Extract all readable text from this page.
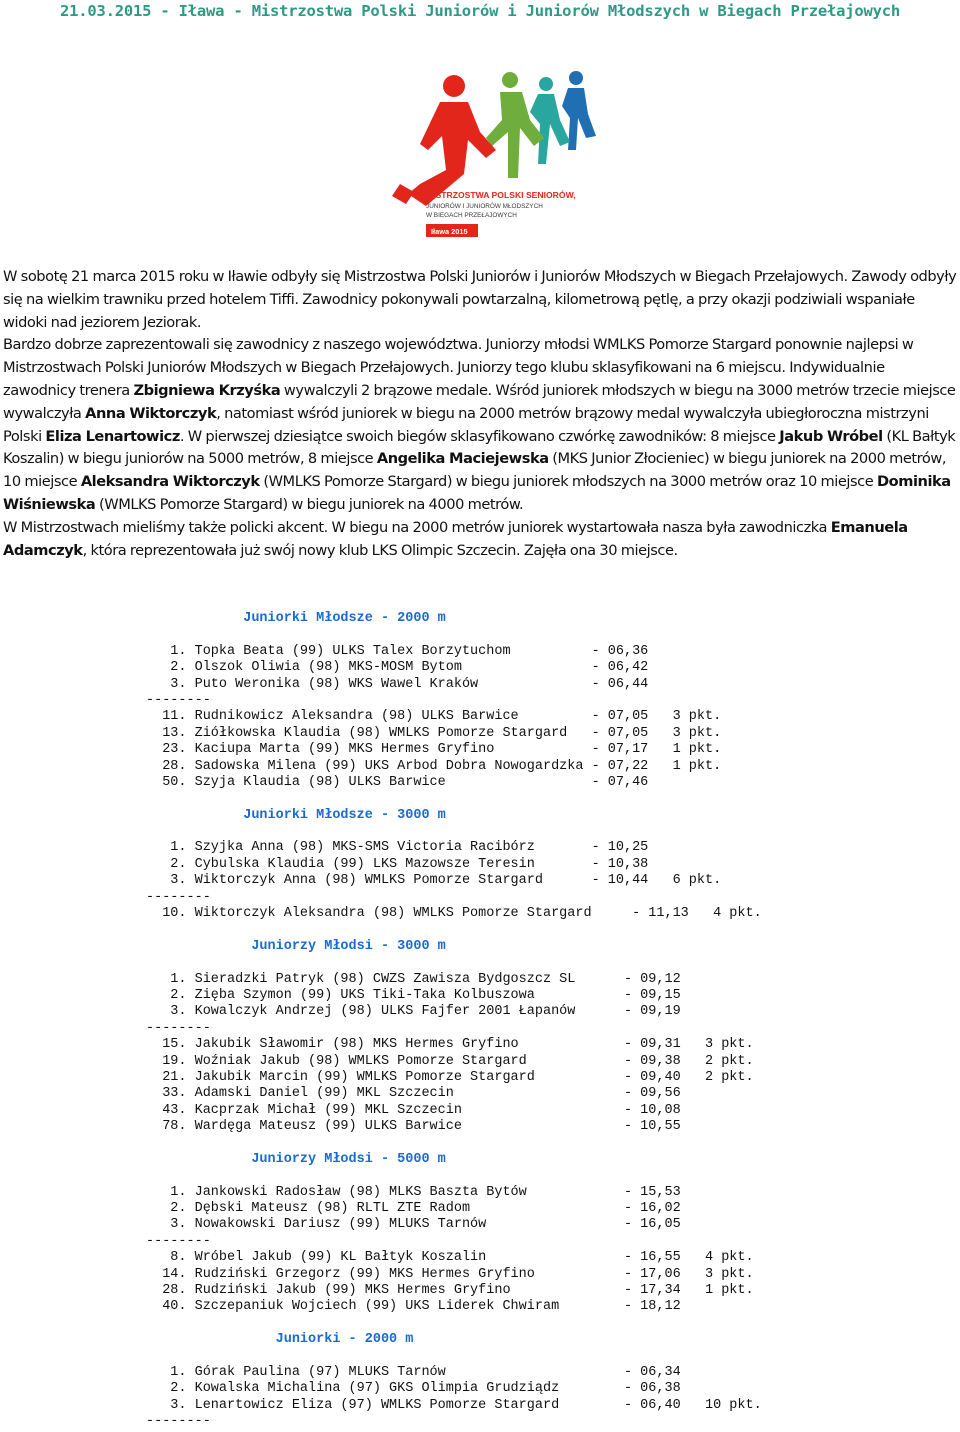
21.03.2015 - Iława - Mistrzostwa Polski Juniorów i Juniorów Młodszych w Biegach Przełajowych
MISTRZOSTWA POLSKI SENIORÓW,
JUNIORÓW I JUNIORÓW MŁODSZYCH
W BIEGACH PRZEŁAJOWYCH
Iława 2015

W sobotę 21 marca 2015 roku w Iławie odbyły się Mistrzostwa Polski Juniorów i Juniorów Młodszych w Biegach Przełajowych. Zawody odbyły się na wielkim trawniku przed hotelem Tiffi. Zawodnicy pokonywali powtarzalną, kilometrową pętlę, a przy okazji podziwiali wspaniałe widoki nad jeziorem Jeziorak.

Bardzo dobrze zaprezentowali się zawodnicy z naszego województwa. Juniorzy młodsi WMLKS Pomorze Stargard ponownie najlepsi w Mistrzostwach Polski Juniorów Młodszych w Biegach Przełajowych. Juniorzy tego klubu sklasyfikowani na 6 miejscu. Indywidualnie zawodnicy trenera Zbigniewa Krzyśka wywalczyli 2 brązowe medale. Wśród juniorek młodszych w biegu na 3000 metrów trzecie miejsce wywalczyła Anna Wiktorczyk, natomiast wśród juniorek w biegu na 2000 metrów brązowy medal wywalczyła ubiegłoroczna mistrzyni Polski Eliza Lenartowicz. W pierwszej dziesiątce swoich biegów sklasyfikowano czwórkę zawodników: 8 miejsce Jakub Wróbel (KL Bałtyk Koszalin) w biegu juniorów na 5000 metrów, 8 miejsce Angelika Maciejewska (MKS Junior Złocieniec) w biegu juniorek na 2000 metrów, 10 miejsce Aleksandra Wiktorczyk (WMLKS Pomorze Stargard) w biegu juniorek młodszych na 3000 metrów oraz 10 miejsce Dominika Wiśniewska (WMLKS Pomorze Stargard) w biegu juniorek na 4000 metrów.

W Mistrzostwach mieliśmy także policki akcent. W biegu na 2000 metrów juniorek wystartowała nasza była zawodniczka Emanuela Adamczyk, która reprezentowała już swój nowy klub LKS Olimpic Szczecin. Zajęła ona 30 miejsce.

Juniorki Młodsze - 2000 m
1. Topka Beata (99) ULKS Talex Borzytuchom          - 06,36
2. Olszok Oliwia (98) MKS-MOSM Bytom                - 06,42
3. Puto Weronika (98) WKS Wawel Kraków              - 06,44
--------
11. Rudnikowicz Aleksandra (98) ULKS Barwice         - 07,05   3 pkt.
13. Ziółkowska Klaudia (98) WMLKS Pomorze Stargard   - 07,05   3 pkt.
23. Kaciupa Marta (99) MKS Hermes Gryfino            - 07,17   1 pkt.
28. Sadowska Milena (99) UKS Arbod Dobra Nowogardzka - 07,22   1 pkt.
50. Szyja Klaudia (98) ULKS Barwice                  - 07,46
Juniorki Młodsze - 3000 m
1. Szyjka Anna (98) MKS-SMS Victoria Racibórz       - 10,25
2. Cybulska Klaudia (99) LKS Mazowsze Teresin       - 10,38
3. Wiktorczyk Anna (98) WMLKS Pomorze Stargard      - 10,44   6 pkt.
--------
10. Wiktorczyk Aleksandra (98) WMLKS Pomorze Stargard     - 11,13   4 pkt.
Juniorzy Młodsi - 3000 m
1. Sieradzki Patryk (98) CWZS Zawisza Bydgoszcz SL      - 09,12
2. Zięba Szymon (99) UKS Tiki-Taka Kolbuszowa           - 09,15
3. Kowalczyk Andrzej (98) ULKS Fajfer 2001 Łapanów      - 09,19
--------
15. Jakubik Sławomir (98) MKS Hermes Gryfino             - 09,31   3 pkt.
19. Woźniak Jakub (98) WMLKS Pomorze Stargard            - 09,38   2 pkt.
21. Jakubik Marcin (99) WMLKS Pomorze Stargard           - 09,40   2 pkt.
33. Adamski Daniel (99) MKL Szczecin                     - 09,56
43. Kacprzak Michał (99) MKL Szczecin                    - 10,08
78. Wardęga Mateusz (99) ULKS Barwice                    - 10,55
Juniorzy Młodsi - 5000 m
1. Jankowski Radosław (98) MLKS Baszta Bytów            - 15,53
2. Dębski Mateusz (98) RLTL ZTE Radom                   - 16,02
3. Nowakowski Dariusz (99) MLUKS Tarnów                 - 16,05
--------
8. Wróbel Jakub (99) KL Bałtyk Koszalin                 - 16,55   4 pkt.
14. Rudziński Grzegorz (99) MKS Hermes Gryfino           - 17,06   3 pkt.
28. Rudziński Jakub (99) MKS Hermes Gryfino              - 17,34   1 pkt.
40. Szczepaniuk Wojciech (99) UKS Liderek Chwiram        - 18,12
Juniorki - 2000 m
1. Górak Paulina (97) MLUKS Tarnów                      - 06,34
2. Kowalska Michalina (97) GKS Olimpia Grudziądz        - 06,38
3. Lenartowicz Eliza (97) WMLKS Pomorze Stargard        - 06,40   10 pkt.
--------
